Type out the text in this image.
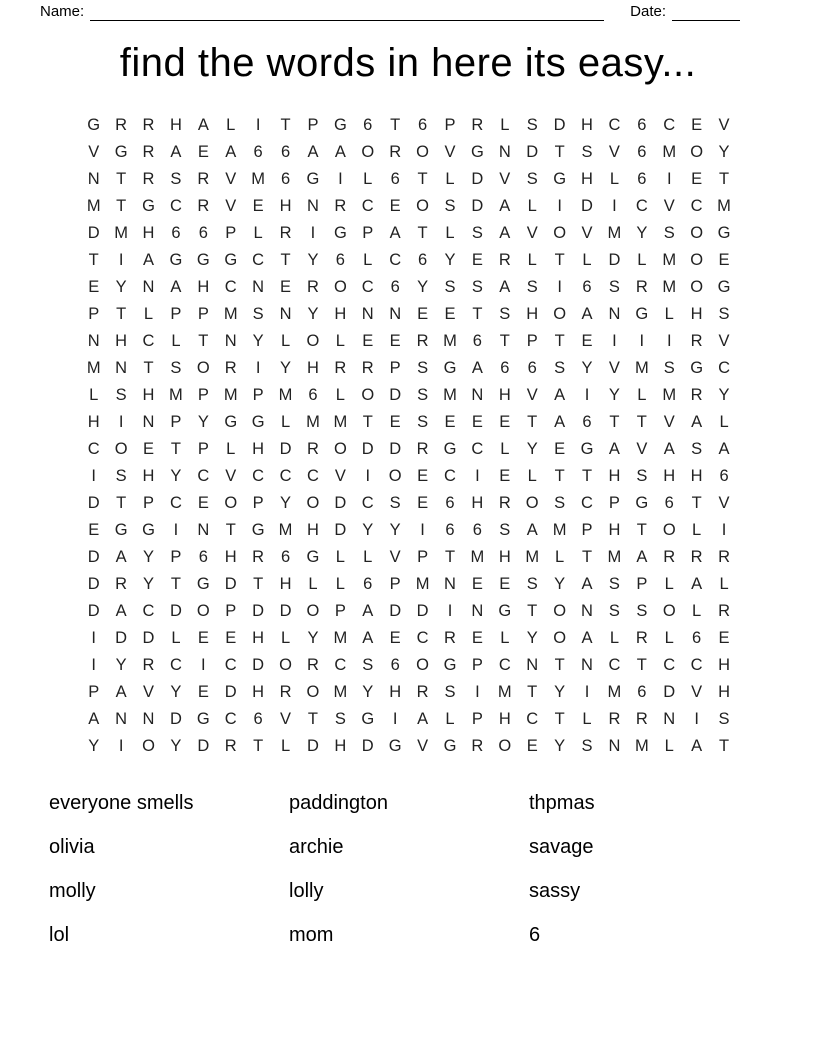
Name:	Date:
find the words in here its easy...
G R R H A	L	I	T	P G 6	T	6	P R	L	S D H C	6	C E V
V G R A E A	6	6	A A O R O V G N D T	S V	6 M O Y
N T R S R V M 6 G	I	L	6	T	L	D V S G H	L	6	I	E	T
M T G C R V E H N R C E O S D A	L	I	D	I	C V C M
D M H	6	6	P	L	R	I	G P A	T	L	S A V O V M Y S O G
T	I	A G G G C T	Y	6	L	C	6	Y E R	L	T	L	D	L M O E
E Y N A H C N E R O C	6	Y S S A S	I	6	S R M O G
P	T	L	P P M S N Y H N N E E	T	S H O A N G L	H S
N H C	L	T N Y	L O L	E E R M 6	T	P	T	E	I	I	I	R V
M N T	S O R	I	Y H R R P S G A	6	6	S Y V M S G C
L	S H M P M P M 6	L O D S M N H V A	I	Y	L M R Y
H	I	N P Y G G L M M T	E S E E E	T	A	6	T	T	V A	L
C O E	T	P	L	H D R O D D R G C	L	Y E G A V A S A
I	S H Y C V C C C V	I	O E C	I	E	L	T	T H S H H	6
D T	P C E O P Y O D C S E	6	H R O S C P G 6	T	V
E G G	I	N T G M H D Y Y	I	6	6	S A M P H T O L	I
D A Y P	6	H R	6 G L	L	V P	T M H M L	T M A R R R
D R Y	T G D T H	L	L	6	P M N E E S Y A S P	L	A	L
D A C D O P D D O P A D D	I	N G T O N S S O L	R
I	D D	L	E E H	L	Y M A E C R E	L	Y O A	L	R	L	6	E
I	Y R C	I	C D O R C S	6 O G P C N T N C T C C H
P A V Y E D H R O M Y H R S	I	M T	Y	I	M 6	D V H
A N N D G C	6	V	T	S G	I	A	L	P H C T	L	R R N	I	S
Y	I	O Y D R T	L	D H D G V G R O E Y S N M L	A	T
everyone smells	paddington	thpmas
olivia	archie	savage
molly	lolly	sassy
lol	mom	6
